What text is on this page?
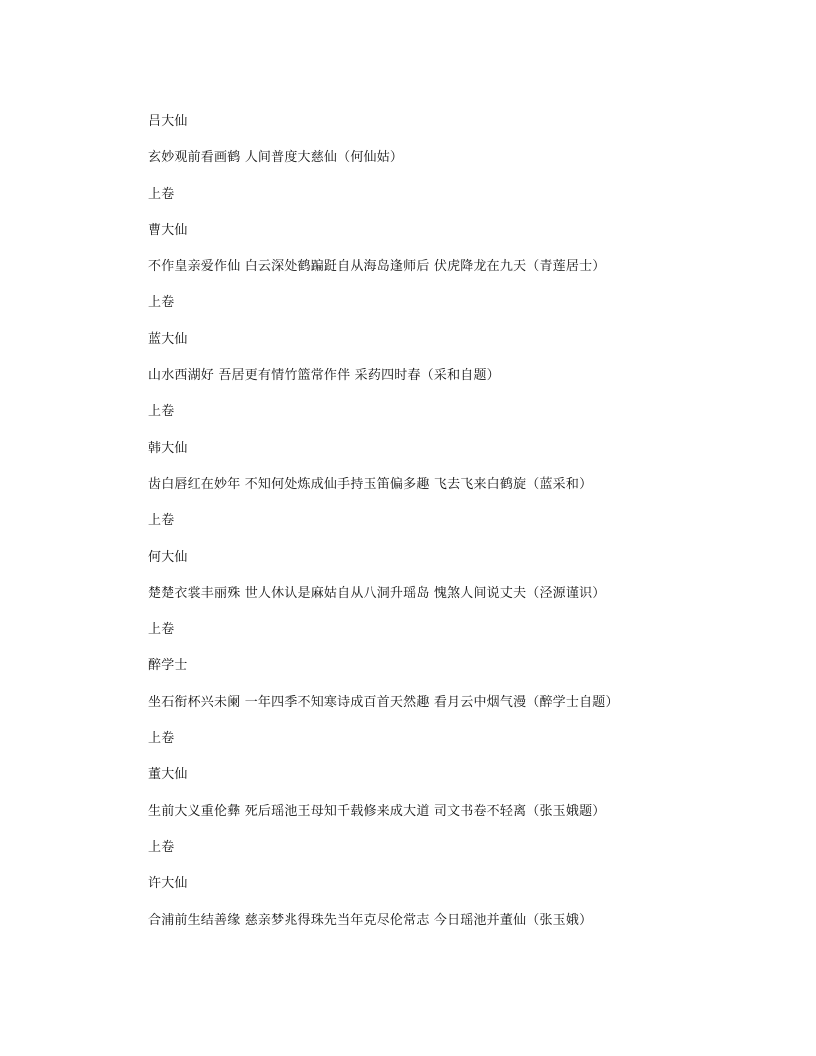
吕大仙
玄妙观前看画鹤 人间普度大慈仙（何仙姑）
上卷
曹大仙
不作皇亲爱作仙 白云深处鹤蹁跹自从海岛逢师后 伏虎降龙在九天（青莲居士）
上卷
蓝大仙
山水西湖好 吾居更有情竹篮常作伴 采药四时春（采和自题）
上卷
韩大仙
齿白唇红在妙年 不知何处炼成仙手持玉笛偏多趣 飞去飞来白鹤旋（蓝采和）
上卷
何大仙
楚楚衣裳丰丽殊 世人休认是麻姑自从八洞升瑶岛 愧煞人间说丈夫（泾源谨识）
上卷
醉学士
坐石衔杯兴未阑 一年四季不知寒诗成百首天然趣 看月云中烟气漫（醉学士自题）
上卷
董大仙
生前大义重伦彝 死后瑶池王母知千载修来成大道 司文书卷不轻离（张玉娥题）
上卷
许大仙
合浦前生结善缘 慈亲梦兆得珠先当年克尽伦常志 今日瑶池并董仙（张玉娥）
